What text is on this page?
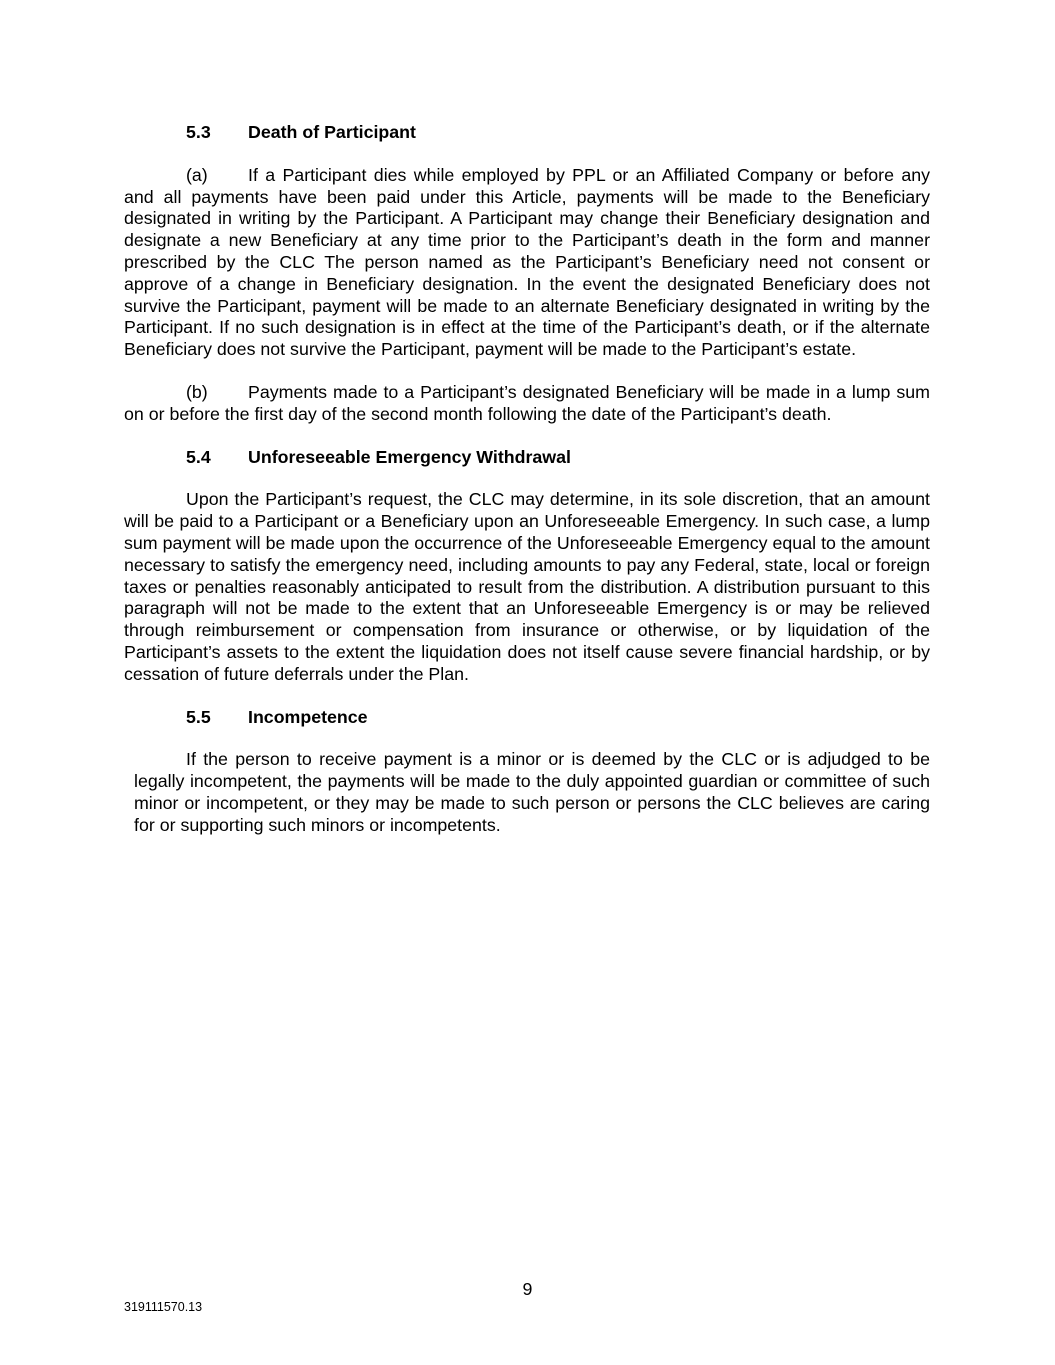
5.3 Death of Participant

(a) If a Participant dies while employed by PPL or an Affiliated Company or before any and all payments have been paid under this Article, payments will be made to the Beneficiary designated in writing by the Participant. A Participant may change their Beneficiary designation and designate a new Beneficiary at any time prior to the Participant’s death in the form and manner prescribed by the CLC The person named as the Participant’s Beneficiary need not consent or approve of a change in Beneficiary designation. In the event the designated Beneficiary does not survive the Participant, payment will be made to an alternate Beneficiary designated in writing by the Participant. If no such designation is in effect at the time of the Participant’s death, or if the alternate Beneficiary does not survive the Participant, payment will be made to the Participant’s estate.

(b) Payments made to a Participant’s designated Beneficiary will be made in a lump sum on or before the first day of the second month following the date of the Participant’s death.

5.4 Unforeseeable Emergency Withdrawal

Upon the Participant’s request, the CLC may determine, in its sole discretion, that an amount will be paid to a Participant or a Beneficiary upon an Unforeseeable Emergency. In such case, a lump sum payment will be made upon the occurrence of the Unforeseeable Emergency equal to the amount necessary to satisfy the emergency need, including amounts to pay any Federal, state, local or foreign taxes or penalties reasonably anticipated to result from the distribution. A distribution pursuant to this paragraph will not be made to the extent that an Unforeseeable Emergency is or may be relieved through reimbursement or compensation from insurance or otherwise, or by liquidation of the Participant’s assets to the extent the liquidation does not itself cause severe financial hardship, or by cessation of future deferrals under the Plan.

5.5 Incompetence

If the person to receive payment is a minor or is deemed by the CLC or is adjudged to be legally incompetent, the payments will be made to the duly appointed guardian or committee of such minor or incompetent, or they may be made to such person or persons the CLC believes are caring for or supporting such minors or incompetents.

9
319111570.13
